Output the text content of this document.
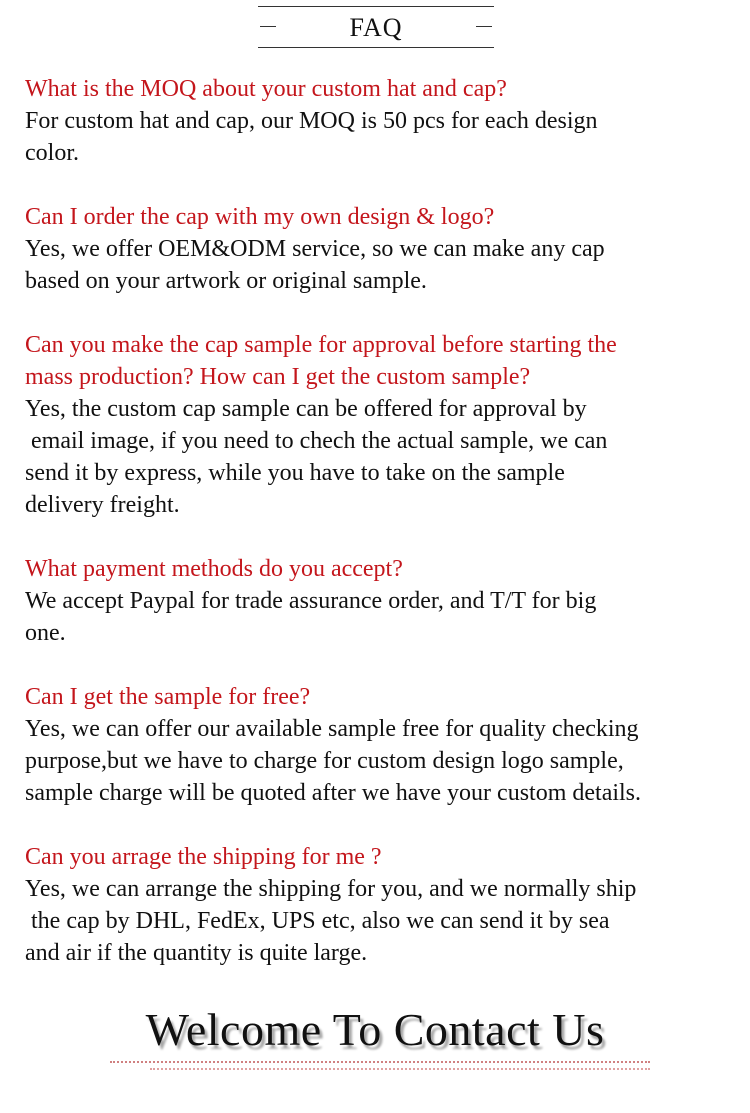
FAQ

What is the MOQ about your custom hat and cap?

For custom hat and cap, our MOQ is 50 pcs for each design
color.

Can I order the cap with my own design & logo?

Yes, we offer OEM&ODM service, so we can make any cap
based on your artwork or original sample.

Can you make the cap sample for approval before starting the
mass production? How can I get the custom sample?

Yes, the custom cap sample can be offered for approval by
email image, if you need to chech the actual sample, we can
send it by express, while you have to take on the sample
delivery freight.

What payment methods do you accept?

We accept Paypal for trade assurance order, and T/T for big
one.

Can I get the sample for free?

Yes, we can offer our available sample free for quality checking
purpose,but we have to charge for custom design logo sample,
sample charge will be quoted after we have your custom details.

Can you arrage the shipping for me ?

Yes, we can arrange the shipping for you, and we normally ship
the cap by DHL, FedEx, UPS etc, also we can send it by sea
and air if the quantity is quite large.

Welcome To Contact Us
